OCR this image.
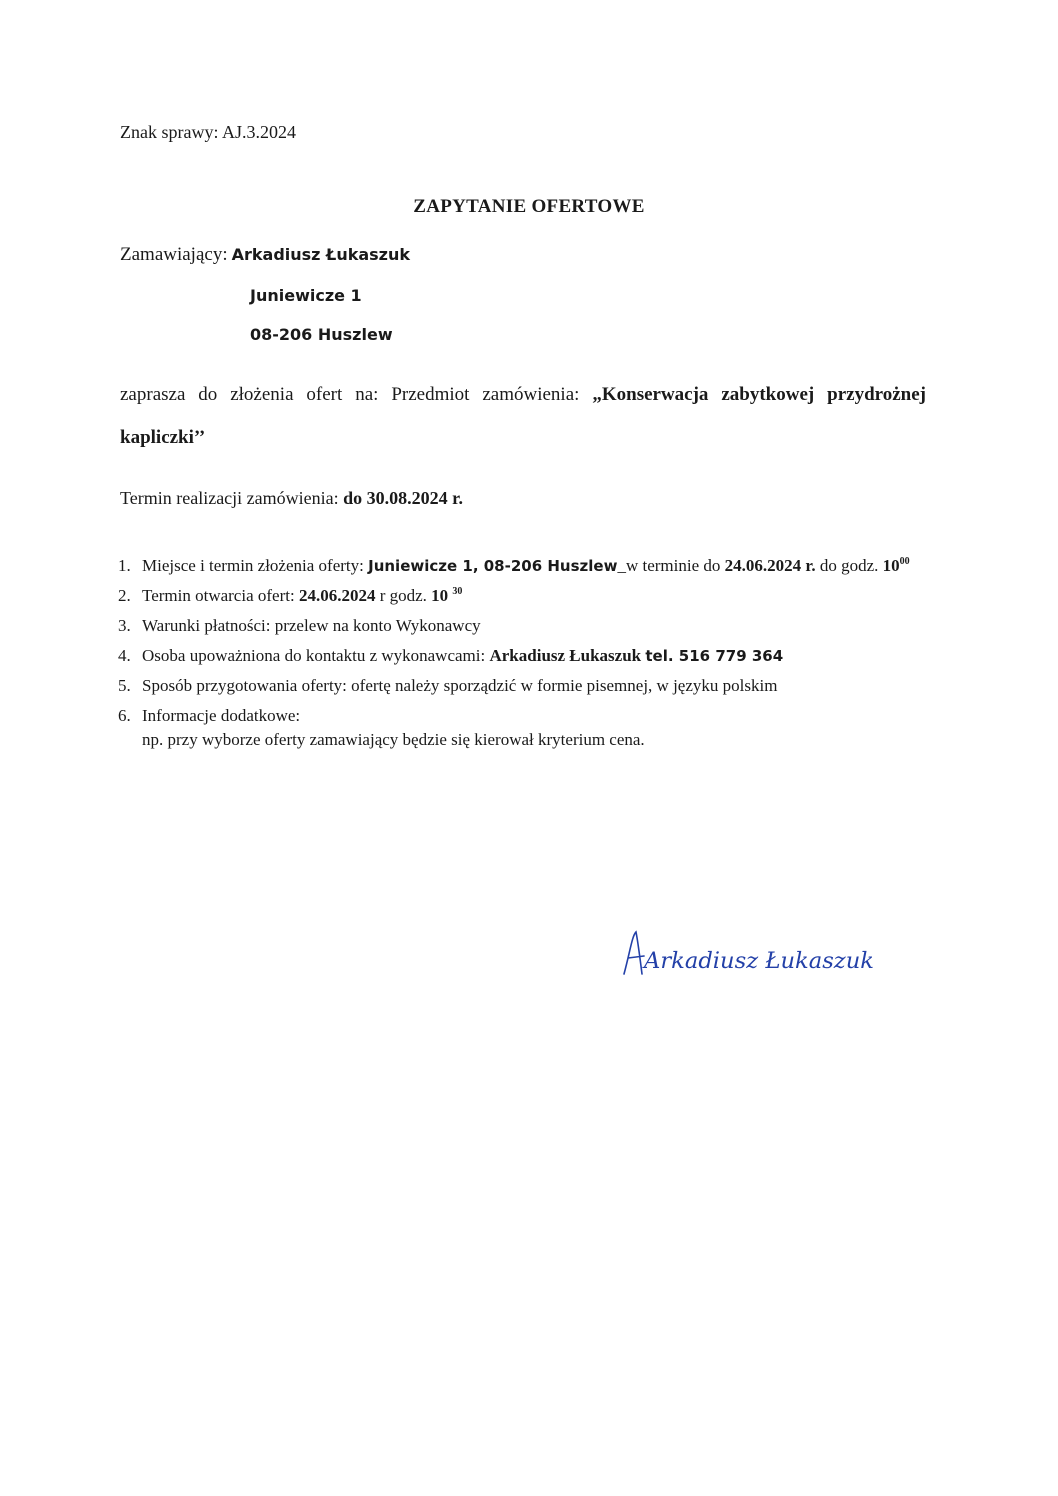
Znak sprawy: AJ.3.2024
ZAPYTANIE OFERTOWE
Zamawiający: Arkadiusz Łukaszuk
Juniewicze 1
08-206 Huszlew
zaprasza do złożenia ofert na: Przedmiot zamówienia: „Konserwacja zabytkowej przydrożnej kapliczki’’
Termin realizacji zamówienia: do 30.08.2024 r.
1. Miejsce i termin złożenia oferty: Juniewicze 1, 08-206 Huszlew_w terminie do 24.06.2024 r. do godz. $10^{00}$
2. Termin otwarcia ofert: 24.06.2024 r godz. 10 $^{30}$
3. Warunki płatności: przelew na konto Wykonawcy
4. Osoba upoważniona do kontaktu z wykonawcami: Arkadiusz Łukaszuk tel. 516 779 364
5. Sposób przygotowania oferty: ofertę należy sporządzić w formie pisemnej, w języku polskim
6. Informacje dodatkowe:
np. przy wyborze oferty zamawiający będzie się kierował kryterium cena.
Arkadiusz Łukaszuk
